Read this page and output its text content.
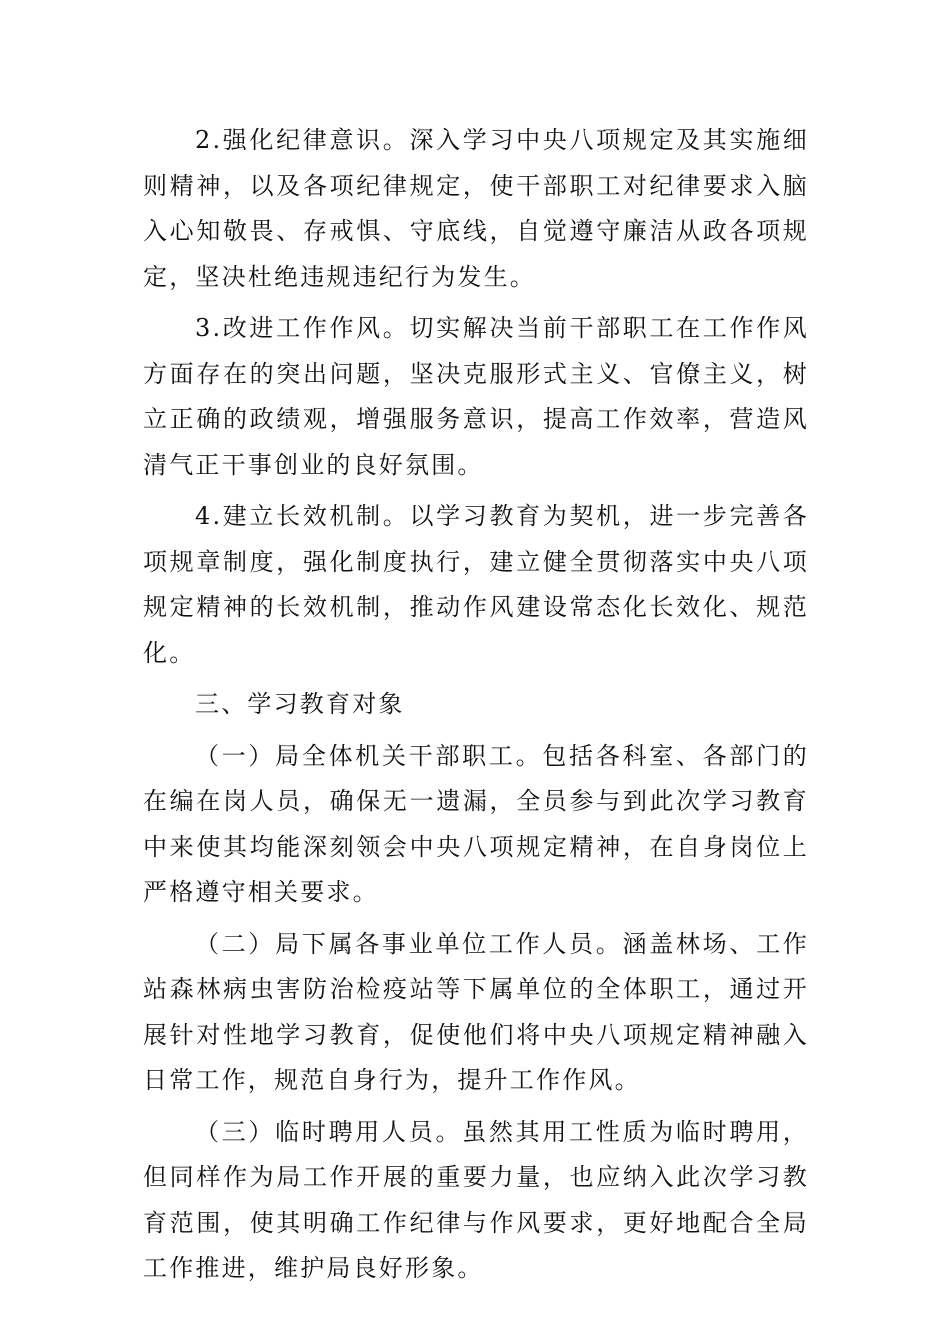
2.强化纪律意识。深入学习中央八项规定及其实施细则精神，以及各项纪律规定，使干部职工对纪律要求入脑入心知敬畏、存戒惧、守底线，自觉遵守廉洁从政各项规定，坚决杜绝违规违纪行为发生。

3.改进工作作风。切实解决当前干部职工在工作作风方面存在的突出问题，坚决克服形式主义、官僚主义，树立正确的政绩观，增强服务意识，提高工作效率，营造风清气正干事创业的良好氛围。

4.建立长效机制。以学习教育为契机，进一步完善各项规章制度，强化制度执行，建立健全贯彻落实中央八项规定精神的长效机制，推动作风建设常态化长效化、规范化。

三、学习教育对象

（一）局全体机关干部职工。包括各科室、各部门的在编在岗人员，确保无一遗漏，全员参与到此次学习教育中来使其均能深刻领会中央八项规定精神，在自身岗位上严格遵守相关要求。

（二）局下属各事业单位工作人员。涵盖林场、工作站森林病虫害防治检疫站等下属单位的全体职工，通过开展针对性地学习教育，促使他们将中央八项规定精神融入日常工作，规范自身行为，提升工作作风。

（三）临时聘用人员。虽然其用工性质为临时聘用，但同样作为局工作开展的重要力量，也应纳入此次学习教育范围，使其明确工作纪律与作风要求，更好地配合全局工作推进，维护局良好形象。
